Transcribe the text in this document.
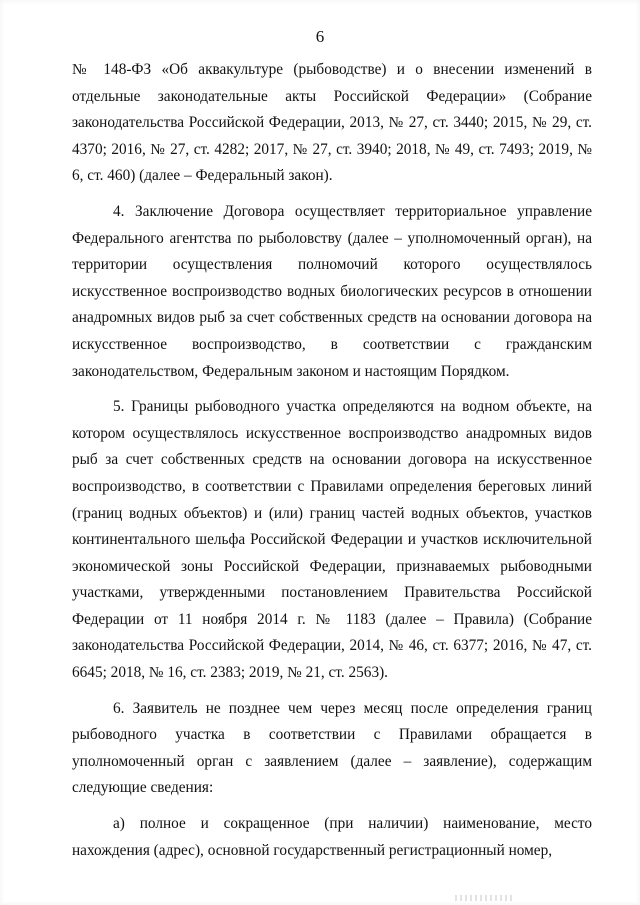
6

№ 148-ФЗ «Об аквакультуре (рыбоводстве) и о внесении изменений в отдельные законодательные акты Российской Федерации» (Собрание законодательства Российской Федерации, 2013, № 27, ст. 3440; 2015, № 29, ст. 4370; 2016, № 27, ст. 4282; 2017, № 27, ст. 3940; 2018, № 49, ст. 7493; 2019, № 6, ст. 460) (далее – Федеральный закон).

4. Заключение Договора осуществляет территориальное управление Федерального агентства по рыболовству (далее – уполномоченный орган), на территории осуществления полномочий которого осуществлялось искусственное воспроизводство водных биологических ресурсов в отношении анадромных видов рыб за счет собственных средств на основании договора на искусственное воспроизводство, в соответствии с гражданским законодательством, Федеральным законом и настоящим Порядком.

5. Границы рыбоводного участка определяются на водном объекте, на котором осуществлялось искусственное воспроизводство анадромных видов рыб за счет собственных средств на основании договора на искусственное воспроизводство, в соответствии с Правилами определения береговых линий (границ водных объектов) и (или) границ частей водных объектов, участков континентального шельфа Российской Федерации и участков исключительной экономической зоны Российской Федерации, признаваемых рыбоводными участками, утвержденными постановлением Правительства Российской Федерации от 11 ноября 2014 г. № 1183 (далее – Правила) (Собрание законодательства Российской Федерации, 2014, № 46, ст. 6377; 2016, № 47, ст. 6645; 2018, № 16, ст. 2383; 2019, № 21, ст. 2563).

6. Заявитель не позднее чем через месяц после определения границ рыбоводного участка в соответствии с Правилами обращается в уполномоченный орган с заявлением (далее – заявление), содержащим следующие сведения:

а) полное и сокращенное (при наличии) наименование, место нахождения (адрес), основной государственный регистрационный номер,
